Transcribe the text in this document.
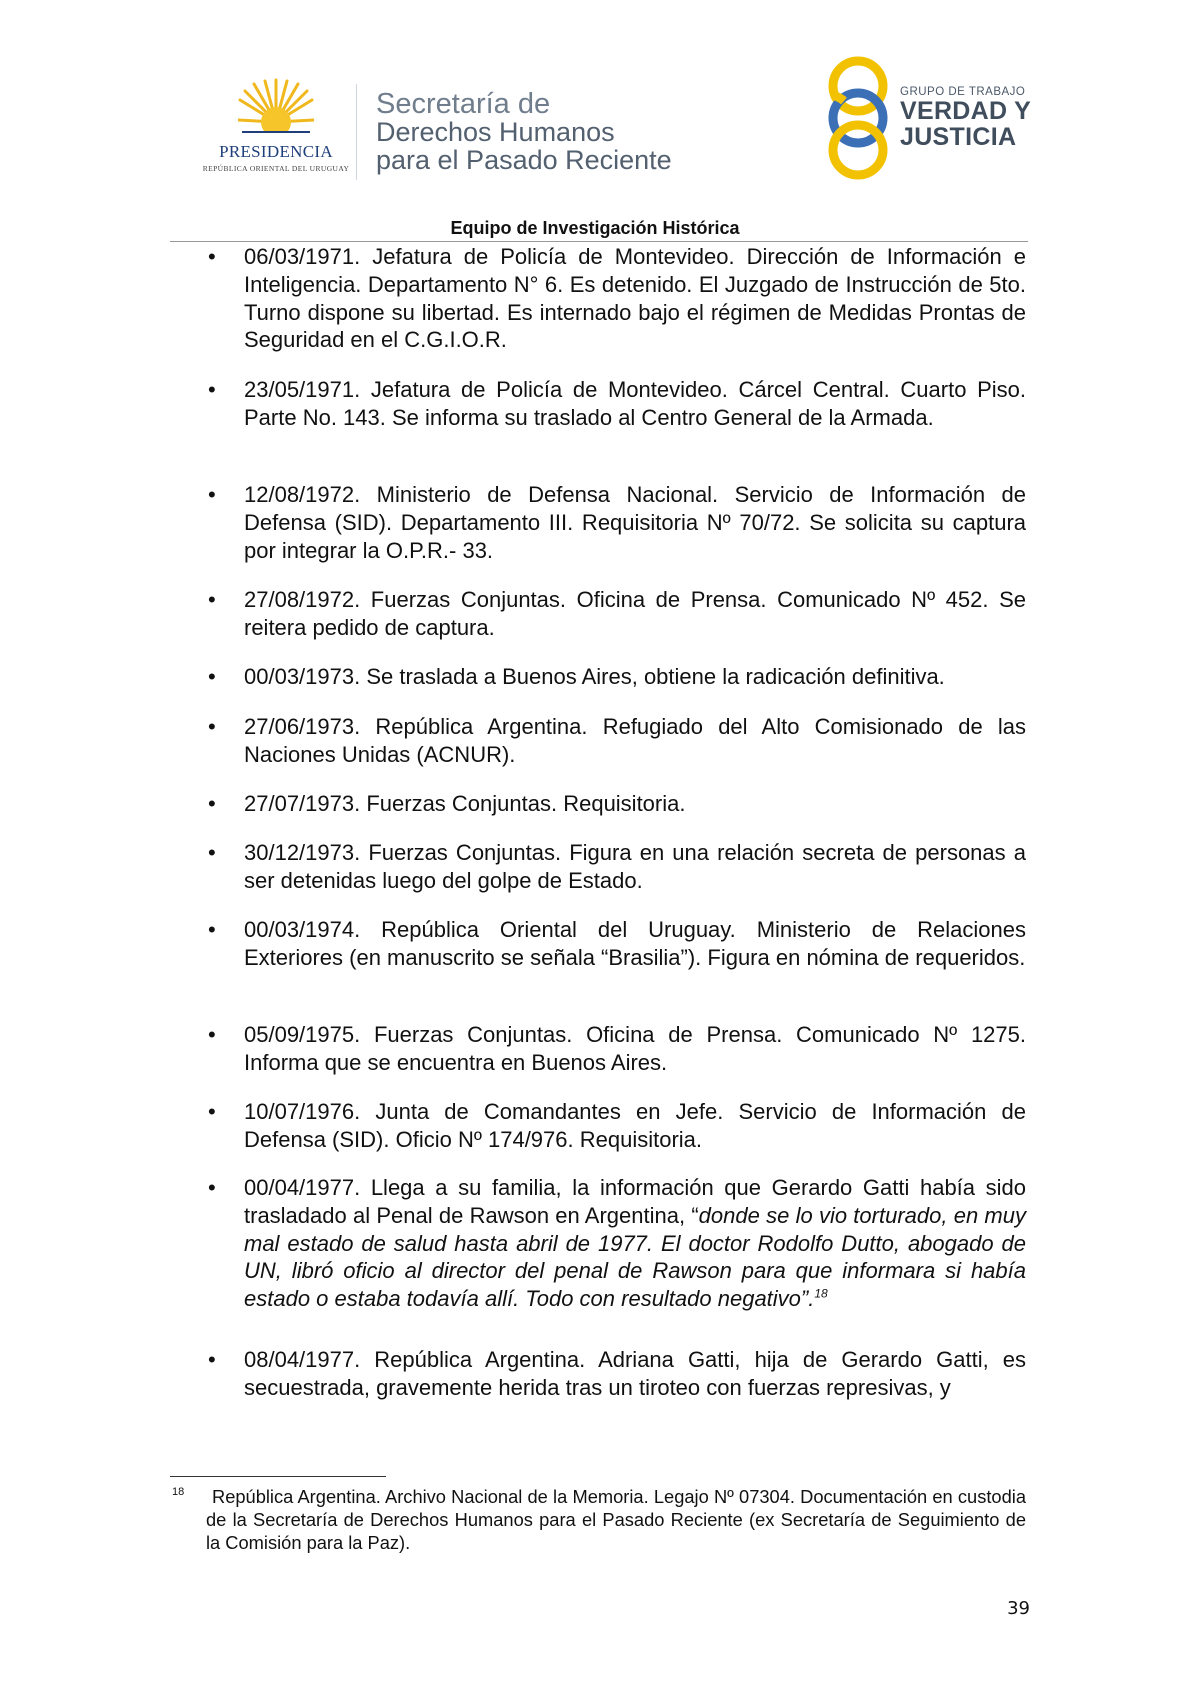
PRESIDENCIA
REPÚBLICA ORIENTAL DEL URUGUAY
Secretaría de
Derechos Humanos
para el Pasado Reciente
GRUPO DE TRABAJO
VERDAD Y
JUSTICIA
Equipo de Investigación Histórica
• 06/03/1971. Jefatura de Policía de Montevideo. Dirección de Información e Inteligencia. Departamento N° 6. Es detenido. El Juzgado de Instrucción de 5to. Turno dispone su libertad. Es internado bajo el régimen de Medidas Prontas de Seguridad en el C.G.I.O.R.
• 23/05/1971. Jefatura de Policía de Montevideo. Cárcel Central. Cuarto Piso. Parte No. 143. Se informa su traslado al Centro General de la Armada.
• 12/08/1972. Ministerio de Defensa Nacional. Servicio de Información de Defensa (SID). Departamento III. Requisitoria Nº 70/72. Se solicita su captura por integrar la O.P.R.- 33.
• 27/08/1972. Fuerzas Conjuntas. Oficina de Prensa. Comunicado Nº 452. Se reitera pedido de captura.
• 00/03/1973. Se traslada a Buenos Aires, obtiene la radicación definitiva.
• 27/06/1973. República Argentina. Refugiado del Alto Comisionado de las Naciones Unidas (ACNUR).
• 27/07/1973. Fuerzas Conjuntas. Requisitoria.
• 30/12/1973. Fuerzas Conjuntas. Figura en una relación secreta de personas a ser detenidas luego del golpe de Estado.
• 00/03/1974. República Oriental del Uruguay. Ministerio de Relaciones Exteriores (en manuscrito se señala “Brasilia”). Figura en nómina de requeridos.
• 05/09/1975. Fuerzas Conjuntas. Oficina de Prensa. Comunicado Nº 1275. Informa que se encuentra en Buenos Aires.
• 10/07/1976. Junta de Comandantes en Jefe. Servicio de Información de Defensa (SID). Oficio Nº 174/976. Requisitoria.
• 00/04/1977. Llega a su familia, la información que Gerardo Gatti había sido trasladado al Penal de Rawson en Argentina, “donde se lo vio torturado, en muy mal estado de salud hasta abril de 1977. El doctor Rodolfo Dutto, abogado de UN, libró oficio al director del penal de Rawson para que informara si había estado o estaba todavía allí. Todo con resultado negativo”.$^{18}$
• 08/04/1977. República Argentina. Adriana Gatti, hija de Gerardo Gatti, es secuestrada, gravemente herida tras un tiroteo con fuerzas represivas, y
18	República Argentina. Archivo Nacional de la Memoria. Legajo Nº 07304. Documentación en custodia de la Secretaría de Derechos Humanos para el Pasado Reciente (ex Secretaría de Seguimiento de la Comisión para la Paz).
39
